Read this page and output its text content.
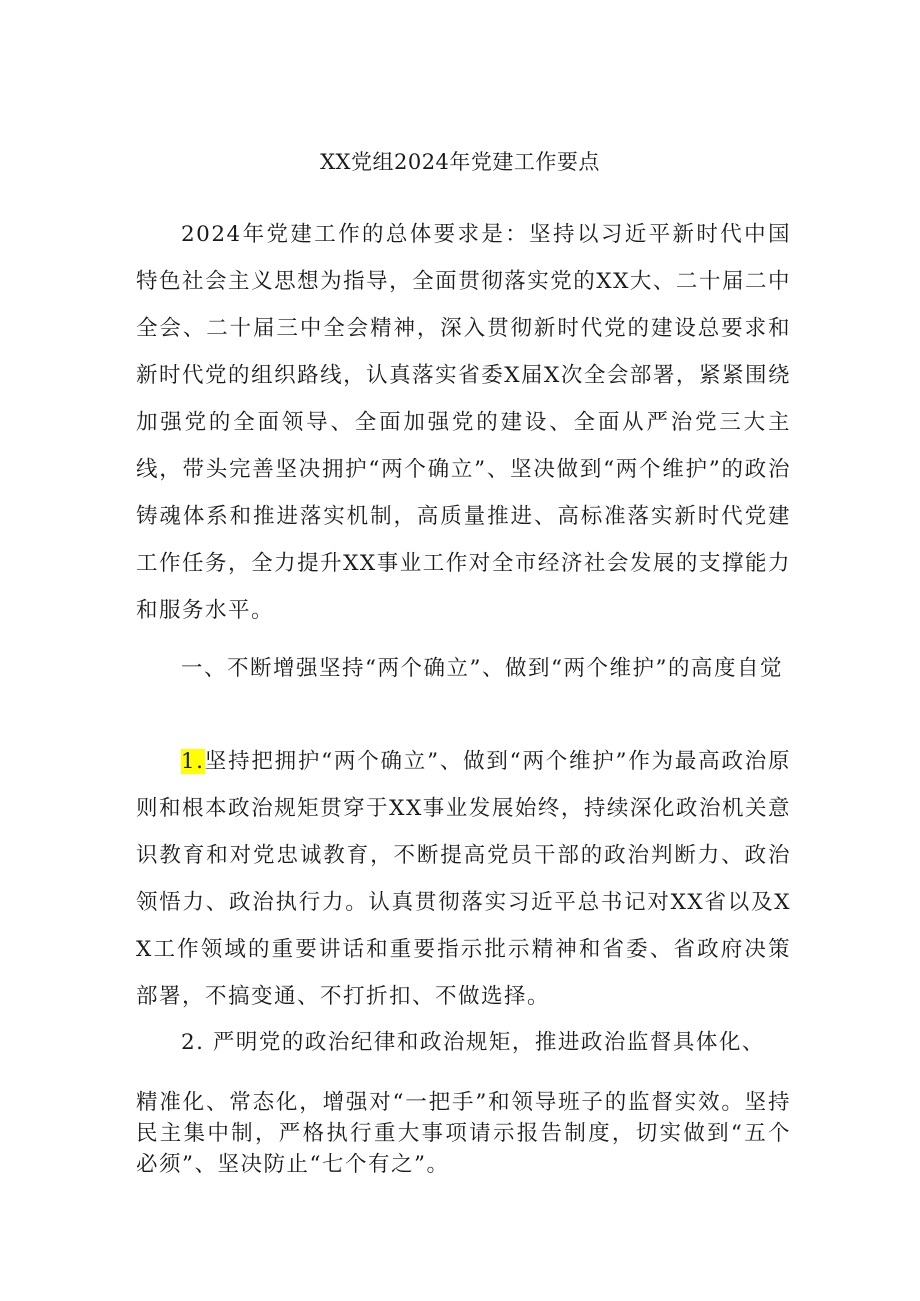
XX党组2024年党建工作要点

2024年党建工作的总体要求是：坚持以习近平新时代中国特色社会主义思想为指导，全面贯彻落实党的XX大、二十届二中全会、二十届三中全会精神，深入贯彻新时代党的建设总要求和新时代党的组织路线，认真落实省委X届X次全会部署，紧紧围绕加强党的全面领导、全面加强党的建设、全面从严治党三大主线，带头完善坚决拥护“两个确立”、坚决做到“两个维护”的政治铸魂体系和推进落实机制，高质量推进、高标准落实新时代党建工作任务，全力提升XX事业工作对全市经济社会发展的支撑能力和服务水平。

一、不断增强坚持“两个确立”、做到“两个维护”的高度自觉

1.坚持把拥护“两个确立”、做到“两个维护”作为最高政治原则和根本政治规矩贯穿于XX事业发展始终，持续深化政治机关意识教育和对党忠诚教育，不断提高党员干部的政治判断力、政治领悟力、政治执行力。认真贯彻落实习近平总书记对XX省以及XX工作领域的重要讲话和重要指示批示精神和省委、省政府决策部署，不搞变通、不打折扣、不做选择。

2. 严明党的政治纪律和政治规矩，推进政治监督具体化、

精准化、常态化，增强对“一把手”和领导班子的监督实效。坚持民主集中制，严格执行重大事项请示报告制度，切实做到“五个必须”、坚决防止“七个有之”。
